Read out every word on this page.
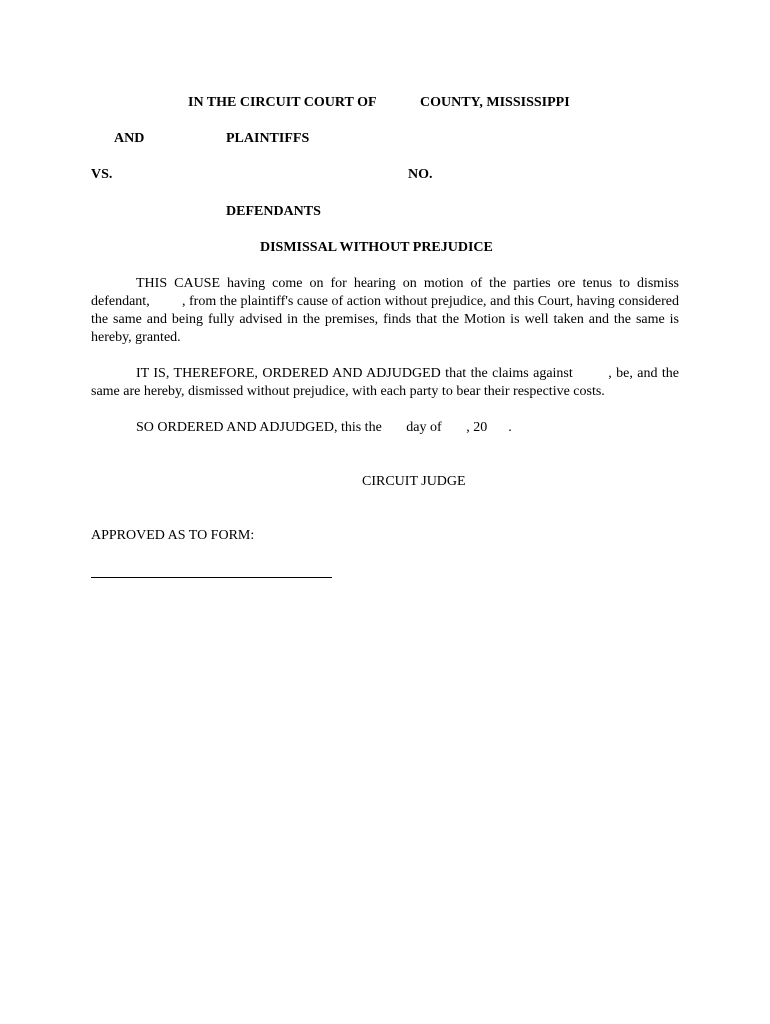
IN THE CIRCUIT COURT OF	COUNTY, MISSISSIPPI
AND	PLAINTIFFS
VS.	NO.
DEFENDANTS
DISMISSAL WITHOUT PREJUDICE
THIS CAUSE having come on for hearing on motion of the parties ore tenus to dismiss defendant, , from the plaintiff's cause of action without prejudice, and this Court, having considered the same and being fully advised in the premises, finds that the Motion is well taken and the same is hereby, granted.
IT IS, THEREFORE, ORDERED AND ADJUDGED that the claims against	, be, and the same are hereby, dismissed without prejudice, with each party to bear their respective costs.
SO ORDERED AND ADJUDGED, this the day of , 20 .
CIRCUIT JUDGE
APPROVED AS TO FORM:
